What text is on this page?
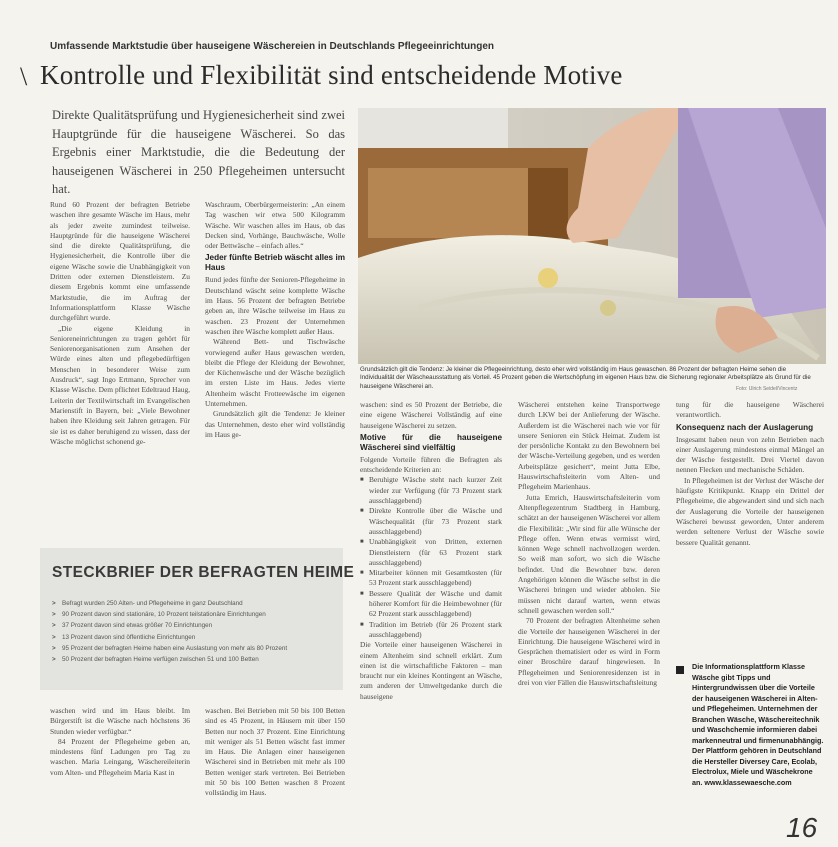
Umfassende Marktstudie über hauseigene Wäschereien in Deutschlands Pflegeeinrichtungen
\ Kontrolle und Flexibilität sind entscheidende Motive
Direkte Qualitätsprüfung und Hygienesicherheit sind zwei Hauptgründe für die hauseigene Wäscherei. So das Ergebnis einer Marktstudie, die die Bedeutung der hauseigenen Wäscherei in 250 Pflegeheimen untersucht hat.
Grundsätzlich gilt die Tendenz: Je kleiner die Pflegeeinrichtung, desto eher wird vollständig im Haus gewaschen. 86 Prozent der befragten Heime sehen die Individualität der Wäscheausstattung als Vorteil. 45 Prozent geben die Wertschöpfung im eigenen Haus bzw. die Sicherung regionaler Arbeitsplätze als Grund für die hauseigene Wäscherei an.	Foto: Ulrich Seidel/Vincentz

Rund 60 Prozent der befragten Betriebe waschen ihre gesamte Wäsche im Haus, mehr als jeder zweite zumindest teilweise. Hauptgründe für die hauseigene Wäscherei sind die direkte Qualitätsprüfung, die Hygienesicherheit, die Kontrolle über die eigene Wäsche sowie die Unabhängigkeit von Dritten oder externen Dienstleistern. Zu diesem Ergebnis kommt eine umfassende Marktstudie, die im Auftrag der Informationsplattform Klasse Wäsche durchgeführt wurde.

„Die eigene Kleidung in Senioreneinrichtungen zu tragen gehört für Seniorenorganisationen zum Ansehen der Würde eines alten und pflegebedürftigen Menschen in besonderer Weise zum Ausdruck“, sagt Ingo Ertmann, Sprecher von Klasse Wäsche. Dem pflichtet Edeltraud Haug, Leiterin der Textilwirtschaft im Evangelischen Marienstift in Bayern, bei: „Viele Bewohner haben ihre Kleidung seit Jahren getragen. Für sie ist es daher beruhigend zu wissen, dass der Wäsche möglichst schonend ge-

Waschraum, Oberbürgermeisterin: „An einem Tag waschen wir etwa 500 Kilogramm Wäsche. Wir waschen alles im Haus, ob das Decken sind, Vorhänge, Bauchwäsche, Wolle oder Bettwäsche – einfach alles.“

Jeder fünfte Betrieb wäscht alles im Haus

Rund jedes fünfte der Senioren-Pflegeheime in Deutschland wäscht seine komplette Wäsche im Haus. 56 Prozent der befragten Betriebe geben an, ihre Wäsche teilweise im Haus zu waschen. 23 Prozent der Unternehmen waschen ihre Wäsche komplett außer Haus.

Während Bett- und Tischwäsche vorwiegend außer Haus gewaschen werden, bleibt die Pflege der Kleidung der Bewohner, der Küchenwäsche und der Wäsche bezüglich im ersten Liste im Haus. Jedes vierte Altenheim wäscht Frotteewäsche im eigenen Unternehmen.

Grundsätzlich gilt die Tendenz: Je kleiner das Unternehmen, desto eher wird vollständig im Haus ge-

waschen: sind es 50 Prozent der Betriebe, die eine eigene Wäscherei Vollständig auf eine hauseigene Wäscherei zu setzen.

Motive für die hauseigene Wäscherei sind vielfältig

Folgende Vorteile führen die Befragten als entscheidende Kriterien an:

■ Beruhigte Wäsche steht nach kurzer Zeit wieder zur Verfügung (für 73 Prozent stark ausschlaggebend)
■ Direkte Kontrolle über die Wäsche und Wäschequalität (für 73 Prozent stark ausschlaggebend)
■ Unabhängigkeit von Dritten, externen Dienstleistern (für 63 Prozent stark ausschlaggebend)
■ Mitarbeiter können mit Gesamtkosten (für 53 Prozent stark ausschlaggebend)
■ Bessere Qualität der Wäsche und damit höherer Komfort für die Heimbewohner (für 62 Prozent stark ausschlaggebend)
■ Tradition im Betrieb (für 26 Prozent stark ausschlaggebend)

Die Vorteile einer hauseigenen Wäscherei in einem Altenheim sind schnell erklärt. Zum einen ist die wirtschaftliche Faktoren – man braucht nur ein kleines Kontingent an Wäsche, zum anderen der Umweltgedanke durch die hauseigene

Wäscherei entstehen keine Transportwege durch LKW bei der Anlieferung der Wäsche. Außerdem ist die Wäscherei nach wie vor für unsere Senioren ein Stück Heimat. Zudem ist der persönliche Kontakt zu den Bewohnern bei der Wäsche-Verteilung gegeben, und es werden Arbeitsplätze gesichert“, meint Jutta Elbe, Hauswirtschaftsleiterin vom Alten- und Pflegeheim Marienhaus.

Jutta Emrich, Hauswirtschaftsleiterin vom Altenpflegezentrum Stadtberg in Hamburg, schätzt an der hauseigenen Wäscherei vor allem die Flexibilität: „Wir sind für alle Wünsche der Pflege offen. Wenn etwas vermisst wird, können Wege schnell nachvollzogen werden. So weiß man sofort, wo sich die Wäsche befindet. Und die Bewohner bzw. deren Angehörigen können die Wäsche selbst in die Wäscherei bringen und wieder abholen. Sie müssen nicht darauf warten, wenn etwas schnell gewaschen werden soll.“

70 Prozent der befragten Altenheime sehen die Vorteile der hauseigenen Wäscherei in der Einrichtung. Die hauseigene Wäscherei wird in Gesprächen thematisiert oder es wird in Form einer Broschüre darauf hingewiesen. In Pflegeheimen und Seniorenresidenzen ist in drei von vier Fällen die Hauswirtschaftsleitung

tung für die hauseigene Wäscherei verantwortlich.

Konsequenz nach der Auslagerung

Insgesamt haben neun von zehn Betrieben nach einer Auslagerung mindestens einmal Mängel an der Wäsche festgestellt. Drei Viertel davon nennen Flecken und mechanische Schäden.

In Pflegeheimen ist der Verlust der Wäsche der häufigste Kritikpunkt. Knapp ein Drittel der Pflegeheime, die abgewandert sind und sich nach der Auslagerung die Vorteile der hauseigenen Wäscherei bewusst geworden, Unter anderem werden seltenere Verlust der Wäsche sowie bessere Qualität genannt.

Die Informationsplattform Klasse Wäsche gibt Tipps und Hintergrundwissen über die Vorteile der hauseigenen Wäscherei in Alten- und Pflegeheimen. Unternehmen der Branchen Wäsche, Wäschereitechnik und Waschchemie informieren dabei markenneutral und firmenunabhängig. Der Plattform gehören in Deutschland die Hersteller Diversey Care, Ecolab, Electrolux, Miele und Wäschekrone an. www.klassewaesche.com
STECKBRIEF DER BEFRAGTEN HEIME
> Befragt wurden 250 Alten- und Pflegeheime in ganz Deutschland
> 90 Prozent davon sind stationäre, 10 Prozent teilstationäre Einrichtungen
> 37 Prozent davon sind etwas größer 70 Einrichtungen
> 13 Prozent davon sind öffentliche Einrichtungen
> 95 Prozent der befragten Heime haben eine Auslastung von mehr als 80 Prozent
> 50 Prozent der befragten Heime verfügen zwischen 51 und 100 Betten

waschen wird und im Haus bleibt. Im Bürgerstift ist die Wäsche nach höchstens 36 Stunden wieder verfügbar.“

84 Prozent der Pflegeheime geben an, mindestens fünf Ladungen pro Tag zu waschen. Maria Leingang, Wäschereileiterin vom Alten- und Pflegeheim Maria Kast in

waschen. Bei Betrieben mit 50 bis 100 Betten sind es 45 Prozent, in Häusern mit über 150 Betten nur noch 37 Prozent. Eine Einrichtung mit weniger als 51 Betten wäscht fast immer im Haus. Die Anlagen einer hauseigenen Wäscherei sind in Betrieben mit mehr als 100 Betten weniger stark vertreten. Bei Betrieben mit 50 bis 100 Betten waschen 8 Prozent vollständig im Haus.

16
